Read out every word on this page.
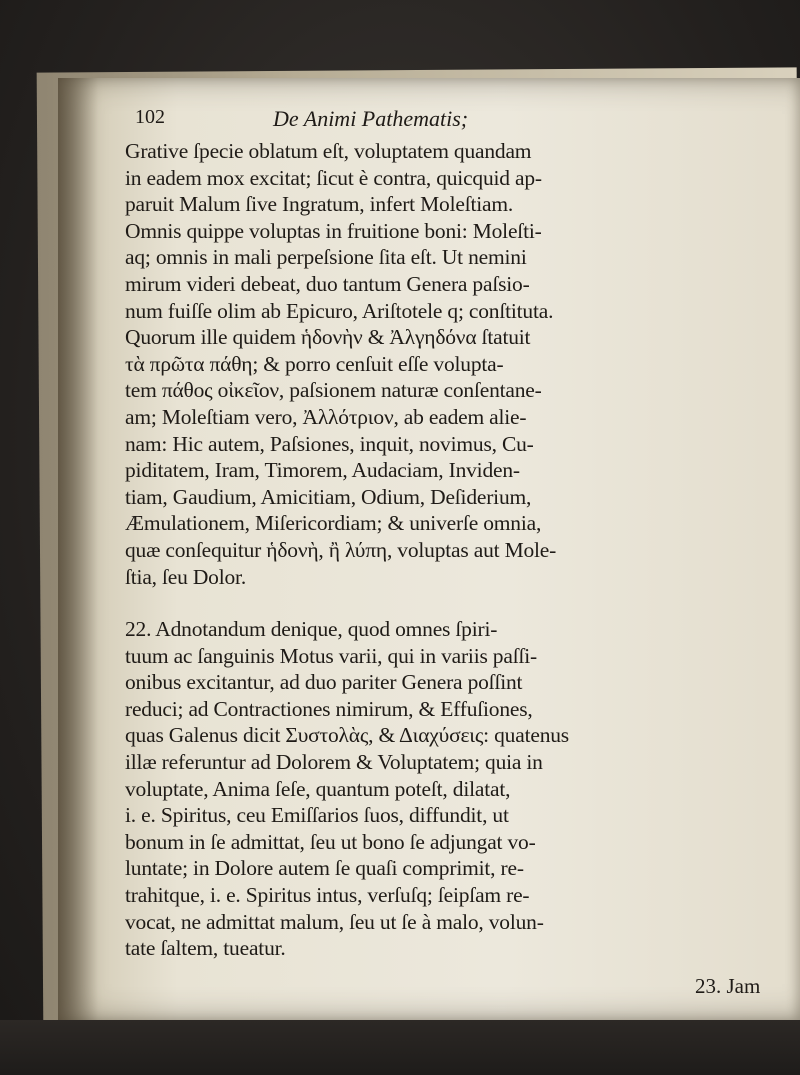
102	De Animi Pathematis;

Grative ſpecie oblatum eſt, voluptatem quandam
in eadem mox excitat; ſicut è contra, quicquid ap-
paruit Malum ſive Ingratum, infert Moleſtiam.
Omnis quippe voluptas in fruitione boni: Moleſti-
aq; omnis in mali perpeſsione ſita eſt. Ut nemini
mirum videri debeat, duo tantum Genera paſsio-
num fuiſſe olim ab Epicuro, Ariſtotele q; conſtituta.
Quorum ille quidem ἡδονὴν & Ἀλγηδόνα ſtatuit
τὰ πρῶτα πάθη; & porro cenſuit eſſe volupta-
tem πάθος οἰκεῖον, paſsionem naturæ conſentane-
am; Moleſtiam vero, Ἀλλότριον, ab eadem alie-
nam: Hic autem, Paſsiones, inquit, novimus, Cu-
piditatem, Iram, Timorem, Audaciam, Inviden-
tiam, Gaudium, Amicitiam, Odium, Deſiderium,
Æmulationem, Miſericordiam; & univerſe omnia,
quæ conſequitur ἡδονὴ, ἢ λύπη, voluptas aut Mole-
ſtia, ſeu Dolor.

22. Adnotandum denique, quod omnes ſpiri-
tuum ac ſanguinis Motus varii, qui in variis paſſi-
onibus excitantur, ad duo pariter Genera poſſint
reduci; ad Contractiones nimirum, & Effuſiones,
quas Galenus dicit Συστολὰς, & Διαχύσεις: quatenus
illæ referuntur ad Dolorem & Voluptatem; quia in
voluptate, Anima ſeſe, quantum poteſt, dilatat,
i. e. Spiritus, ceu Emiſſarios ſuos, diffundit, ut
bonum in ſe admittat, ſeu ut bono ſe adjungat vo-
luntate; in Dolore autem ſe quaſi comprimit, re-
trahitque, i. e. Spiritus intus, verſuſq; ſeipſam re-
vocat, ne admittat malum, ſeu ut ſe à malo, volun-
tate ſaltem, tueatur.

23. Jam
